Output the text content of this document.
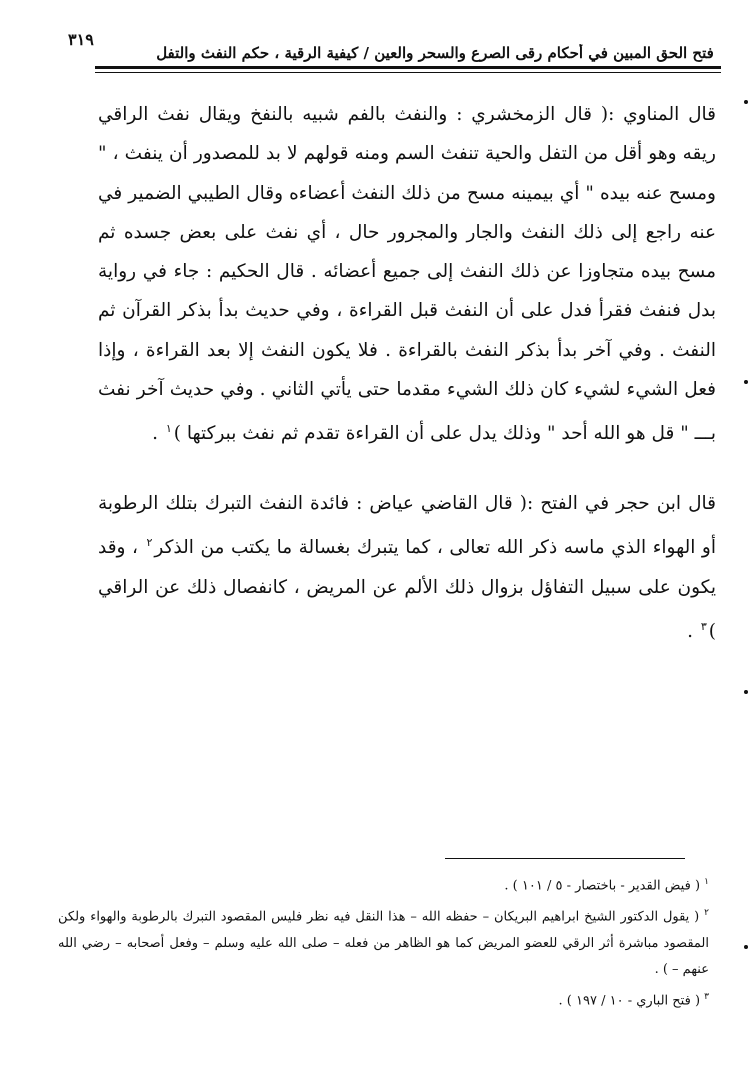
٣١٩
فتح الحق المبين في أحكام رقى الصرع والسحر والعين / كيفية الرقية ، حكم النفث والتفل

قال المناوي :( قال الزمخشري : والنفث بالفم شبيه بالنفخ ويقال نفث الراقي ريقه وهو أقل من التفل والحية تنفث السم ومنه قولهم لا بد للمصدور أن ينفث ، " ومسح عنه بيده " أي بيمينه مسح من ذلك النفث أعضاءه وقال الطيبي الضمير في عنه راجع إلى ذلك النفث والجار والمجرور حال ، أي نفث على بعض جسده ثم مسح بيده متجاوزا عن ذلك النفث إلى جميع أعضائه . قال الحكيم : جاء في رواية بدل فنفث فقرأ فدل على أن النفث قبل القراءة ، وفي حديث بدأ بذكر القرآن ثم النفث . وفي آخر بدأ بذكر النفث بالقراءة . فلا يكون النفث إلا بعد القراءة ، وإذا فعل الشيء لشيء كان ذلك الشيء مقدما حتى يأتي الثاني . وفي حديث آخر نفث بـــ " قل هو الله أحد " وذلك يدل على أن القراءة تقدم ثم نفث ببركتها )$^١$ .

قال ابن حجر في الفتح :( قال القاضي عياض : فائدة النفث التبرك بتلك الرطوبة أو الهواء الذي ماسه ذكر الله تعالى ، كما يتبرك بغسالة ما يكتب من الذكر$^٢$ ، وقد يكون على سبيل التفاؤل بزوال ذلك الألم عن المريض ، كانفصال ذلك عن الراقي )$^٣$ .

$^١$ ( فيض القدير - باختصار - ٥ / ١٠١ ) .

$^٢$ ( يقول الدكتور الشيخ ابراهيم البريكان – حفظه الله – هذا النقل فيه نظر فليس المقصود التبرك بالرطوبة والهواء ولكن المقصود مباشرة أثر الرقي للعضو المريض كما هو الظاهر من فعله – صلى الله عليه وسلم – وفعل أصحابه – رضي الله عنهم – ) .

$^٣$ ( فتح الباري - ١٠ / ١٩٧ ) .
